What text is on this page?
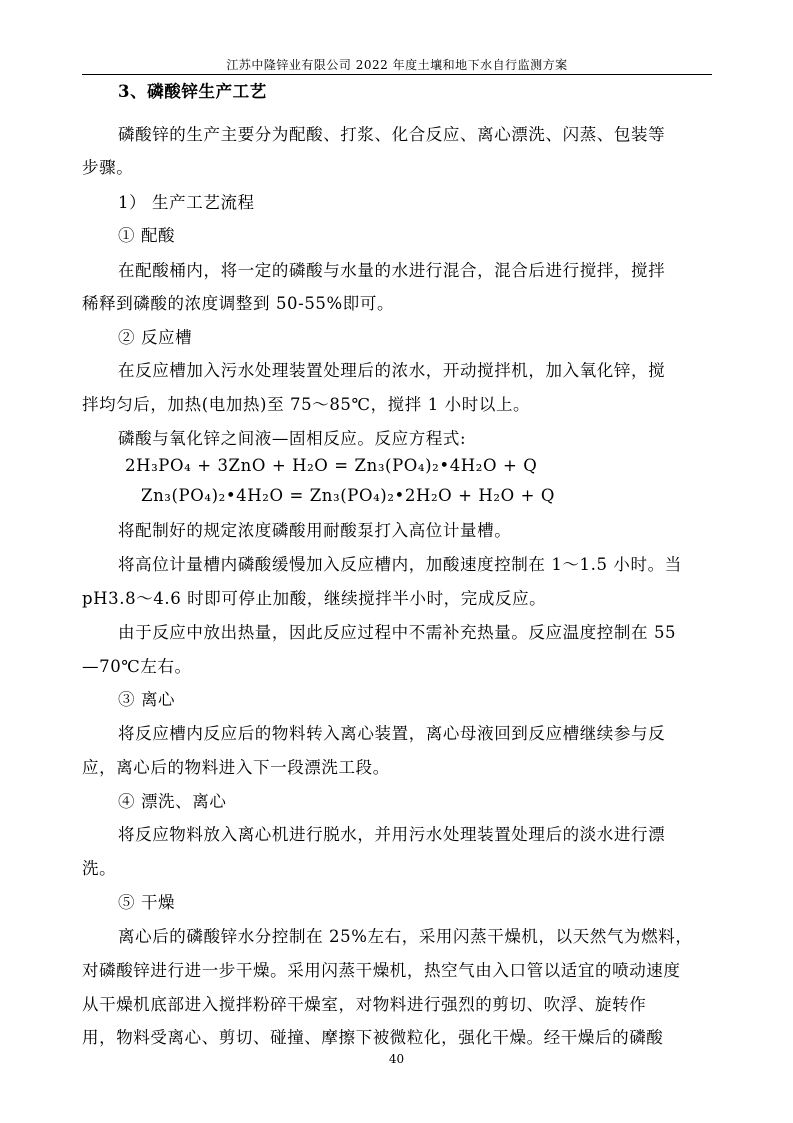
江苏中隆锌业有限公司 2022 年度土壤和地下水自行监测方案
3、磷酸锌生产工艺
磷酸锌的生产主要分为配酸、打浆、化合反应、离心漂洗、闪蒸、包装等
步骤。
1） 生产工艺流程
① 配酸
在配酸桶内，将一定的磷酸与水量的水进行混合，混合后进行搅拌，搅拌
稀释到磷酸的浓度调整到 50-55%即可。
② 反应槽
在反应槽加入污水处理装置处理后的浓水，开动搅拌机，加入氧化锌，搅
拌均匀后，加热(电加热)至 75～85℃，搅拌 1 小时以上。
磷酸与氧化锌之间液—固相反应。反应方程式:
2H₃PO₄ + 3ZnO + H₂O = Zn₃(PO₄)₂•4H₂O + Q
Zn₃(PO₄)₂•4H₂O = Zn₃(PO₄)₂•2H₂O + H₂O + Q
将配制好的规定浓度磷酸用耐酸泵打入高位计量槽。
将高位计量槽内磷酸缓慢加入反应槽内，加酸速度控制在 1～1.5 小时。当
pH3.8～4.6 时即可停止加酸，继续搅拌半小时，完成反应。
由于反应中放出热量，因此反应过程中不需补充热量。反应温度控制在 55
—70℃左右。
③ 离心
将反应槽内反应后的物料转入离心装置，离心母液回到反应槽继续参与反
应，离心后的物料进入下一段漂洗工段。
④ 漂洗、离心
将反应物料放入离心机进行脱水，并用污水处理装置处理后的淡水进行漂
洗。
⑤ 干燥
离心后的磷酸锌水分控制在 25%左右，采用闪蒸干燥机，以天然气为燃料，
对磷酸锌进行进一步干燥。采用闪蒸干燥机，热空气由入口管以适宜的喷动速度
从干燥机底部进入搅拌粉碎干燥室，对物料进行强烈的剪切、吹浮、旋转作
用，物料受离心、剪切、碰撞、摩擦下被微粒化，强化干燥。经干燥后的磷酸
40
